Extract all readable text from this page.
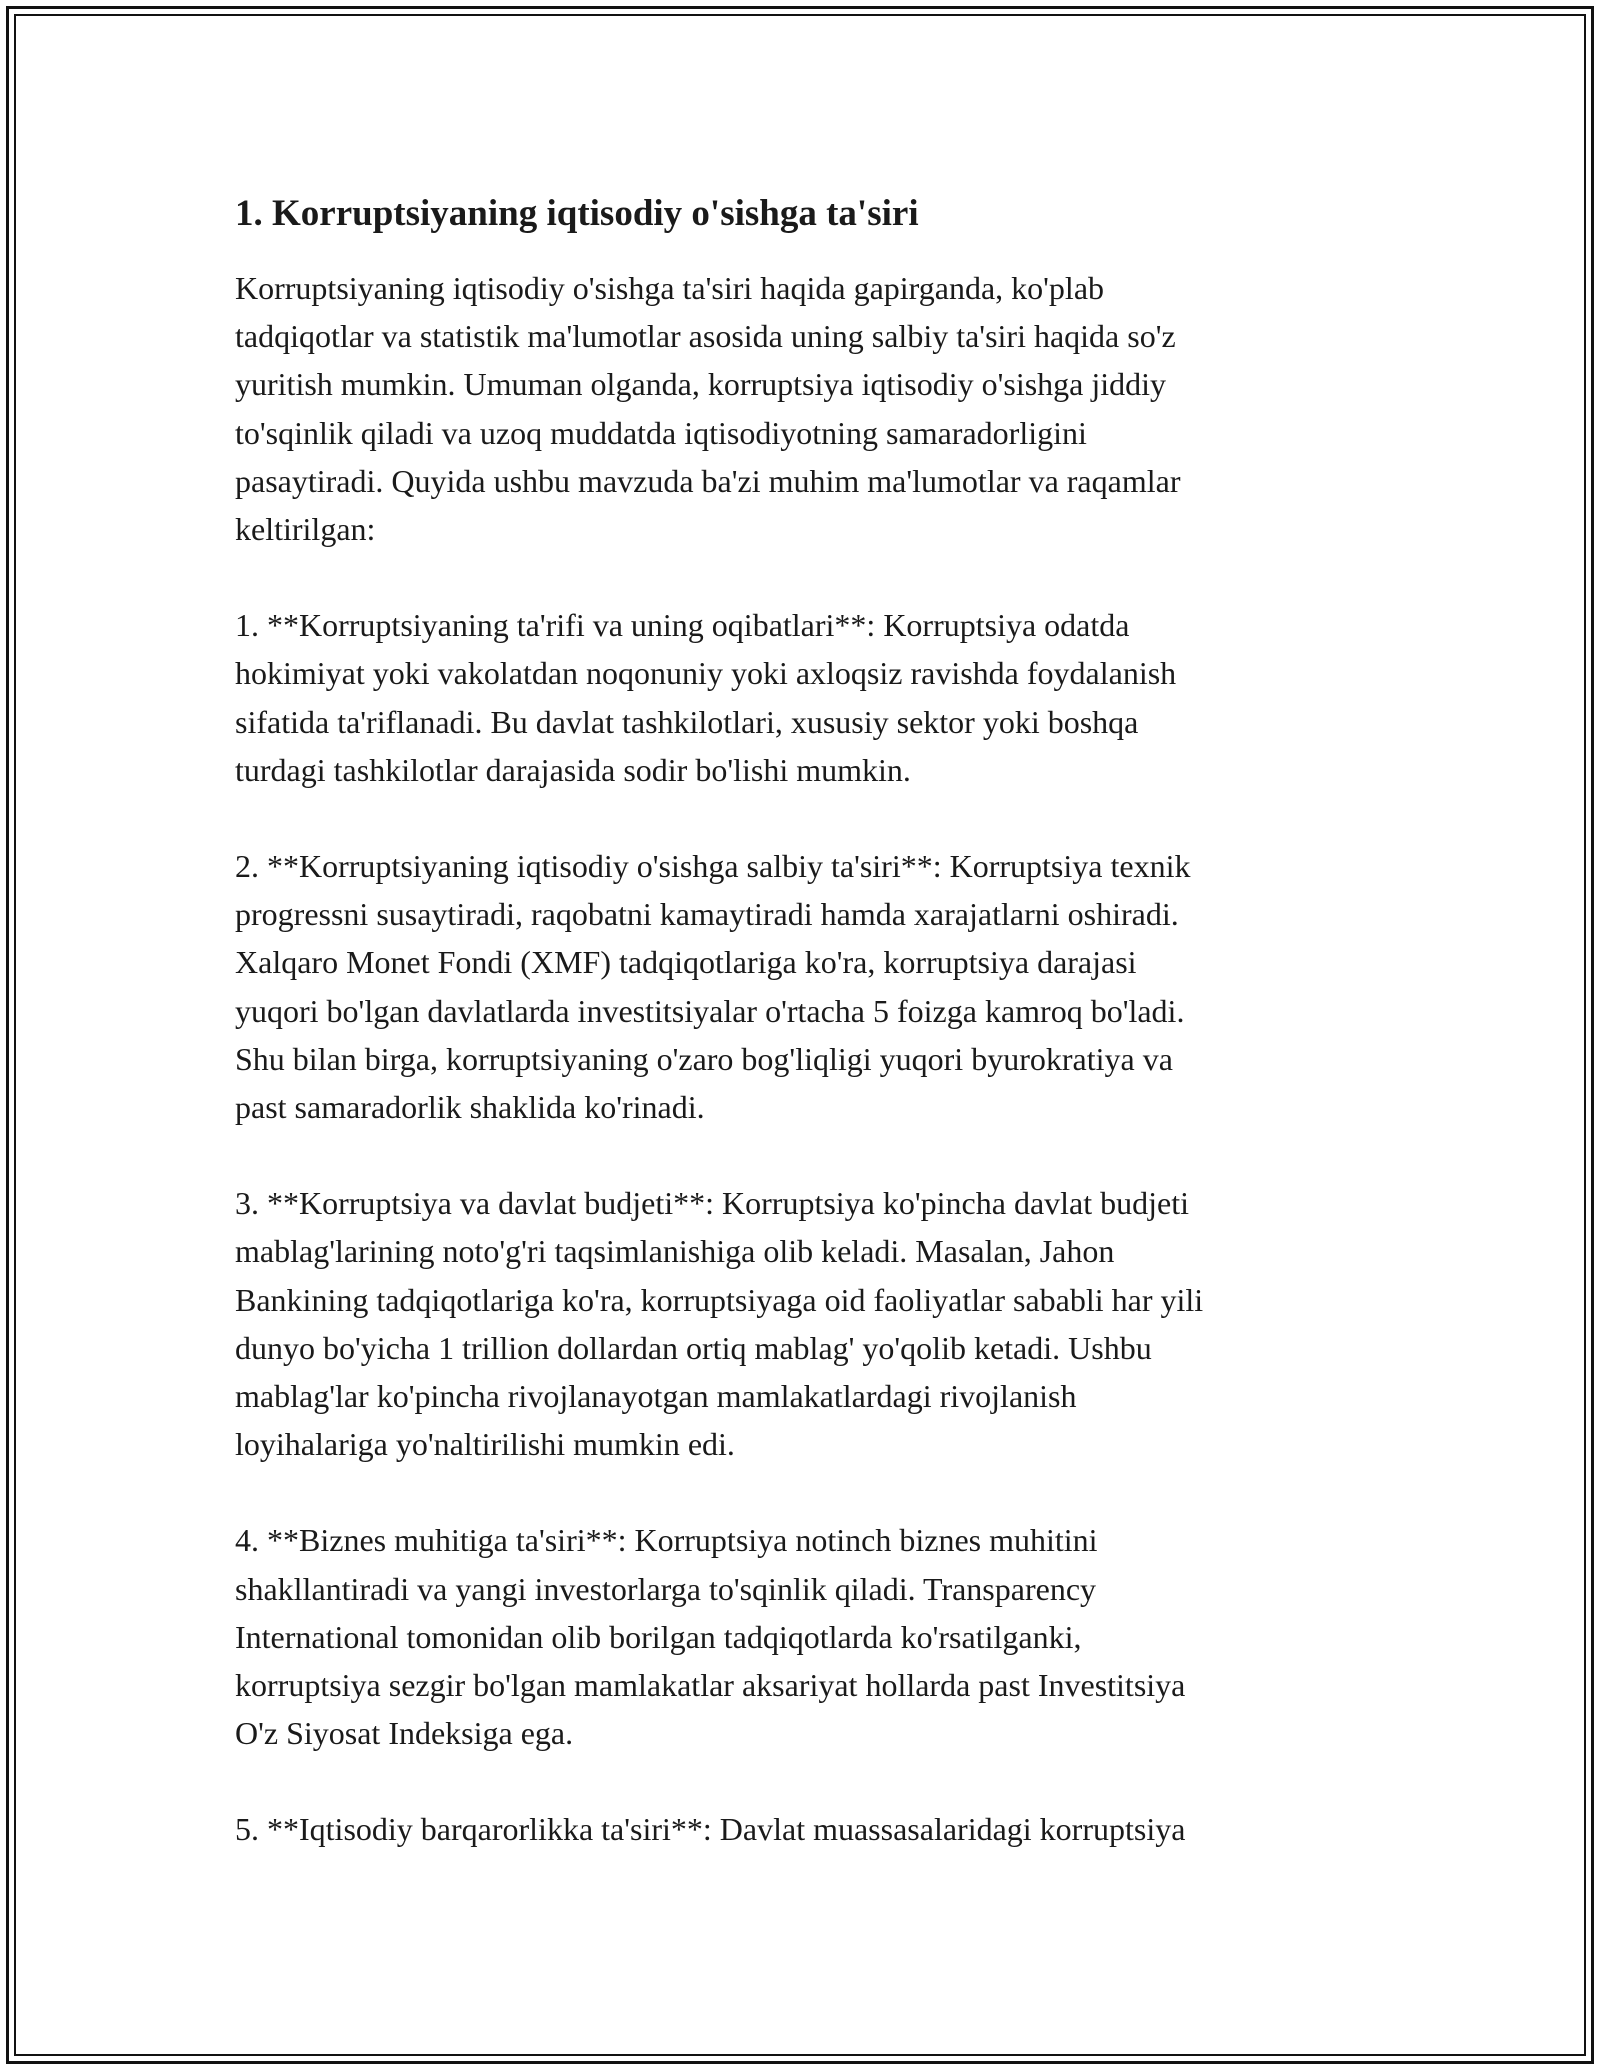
1. Korruptsiyaning iqtisodiy o'sishga ta'siri

Korruptsiyaning iqtisodiy o'sishga ta'siri haqida gapirganda, ko'plab
tadqiqotlar va statistik ma'lumotlar asosida uning salbiy ta'siri haqida so'z
yuritish mumkin. Umuman olganda, korruptsiya iqtisodiy o'sishga jiddiy
to'sqinlik qiladi va uzoq muddatda iqtisodiyotning samaradorligini
pasaytiradi. Quyida ushbu mavzuda ba'zi muhim ma'lumotlar va raqamlar
keltirilgan:

1. **Korruptsiyaning ta'rifi va uning oqibatlari**: Korruptsiya odatda
hokimiyat yoki vakolatdan noqonuniy yoki axloqsiz ravishda foydalanish
sifatida ta'riflanadi. Bu davlat tashkilotlari, xususiy sektor yoki boshqa
turdagi tashkilotlar darajasida sodir bo'lishi mumkin.

2. **Korruptsiyaning iqtisodiy o'sishga salbiy ta'siri**: Korruptsiya texnik
progressni susaytiradi, raqobatni kamaytiradi hamda xarajatlarni oshiradi.
Xalqaro Monet Fondi (XMF) tadqiqotlariga ko'ra, korruptsiya darajasi
yuqori bo'lgan davlatlarda investitsiyalar o'rtacha 5 foizga kamroq bo'ladi.
Shu bilan birga, korruptsiyaning o'zaro bog'liqligi yuqori byurokratiya va
past samaradorlik shaklida ko'rinadi.

3. **Korruptsiya va davlat budjeti**: Korruptsiya ko'pincha davlat budjeti
mablag'larining noto'g'ri taqsimlanishiga olib keladi. Masalan, Jahon
Bankining tadqiqotlariga ko'ra, korruptsiyaga oid faoliyatlar sababli har yili
dunyo bo'yicha 1 trillion dollardan ortiq mablag' yo'qolib ketadi. Ushbu
mablag'lar ko'pincha rivojlanayotgan mamlakatlardagi rivojlanish
loyihalariga yo'naltirilishi mumkin edi.

4. **Biznes muhitiga ta'siri**: Korruptsiya notinch biznes muhitini
shakllantiradi va yangi investorlarga to'sqinlik qiladi. Transparency
International tomonidan olib borilgan tadqiqotlarda ko'rsatilganki,
korruptsiya sezgir bo'lgan mamlakatlar aksariyat hollarda past Investitsiya
O'z Siyosat Indeksiga ega.

5. **Iqtisodiy barqarorlikka ta'siri**: Davlat muassasalaridagi korruptsiya
